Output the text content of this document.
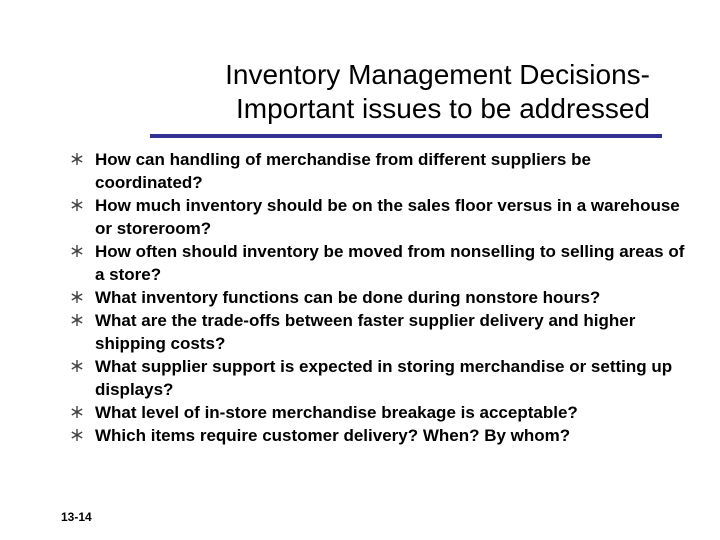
Inventory Management Decisions-
Important issues to be addressed
How can handling of merchandise from different suppliers be coordinated?
How much inventory should be on the sales floor versus in a warehouse or storeroom?
How often should inventory be moved from nonselling to selling areas of a store?
What inventory functions can be done during nonstore hours?
What are the trade-offs between faster supplier delivery and higher shipping costs?
What supplier support is expected in storing merchandise or setting up displays?
What level of in-store merchandise breakage is acceptable?
Which items require customer delivery? When? By whom?
13-14
